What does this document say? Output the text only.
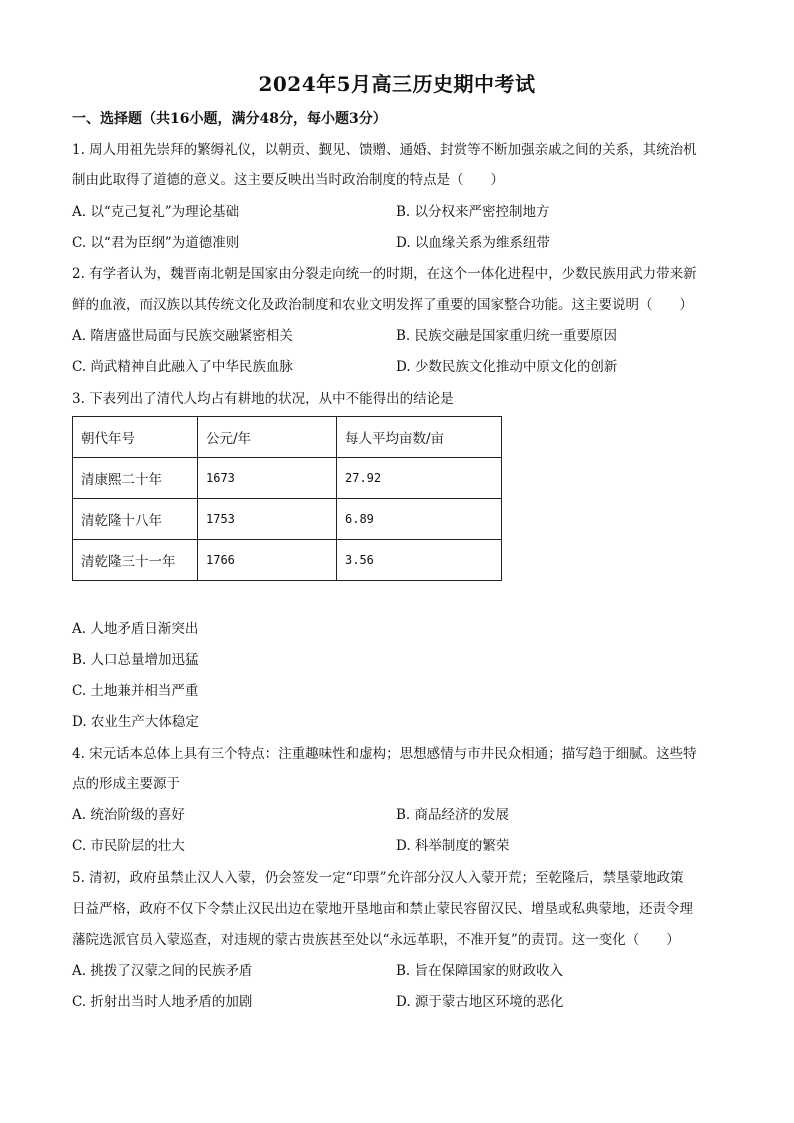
2024年5月高三历史期中考试
一、选择题（共16小题，满分48分，每小题3分）
1. 周人用祖先崇拜的繁缛礼仪，以朝贡、觐见、馈赠、通婚、封赏等不断加强亲戚之间的关系，其统治机
制由此取得了道德的意义。这主要反映出当时政治制度的特点是（　　）
A. 以“克己复礼”为理论基础	B. 以分权来严密控制地方
C. 以“君为臣纲”为道德准则	D. 以血缘关系为维系纽带
2. 有学者认为，魏晋南北朝是国家由分裂走向统一的时期，在这个一体化进程中，少数民族用武力带来新
鲜的血液，而汉族以其传统文化及政治制度和农业文明发挥了重要的国家整合功能。这主要说明（　　）
A. 隋唐盛世局面与民族交融紧密相关	B. 民族交融是国家重归统一重要原因
C. 尚武精神自此融入了中华民族血脉	D. 少数民族文化推动中原文化的创新
3. 下表列出了清代人均占有耕地的状况，从中不能得出的结论是
朝代年号	公元/年	每人平均亩数/亩
清康熙二十年	1673	27.92
清乾隆十八年	1753	6.89
清乾隆三十一年	1766	3.56
A. 人地矛盾日渐突出
B. 人口总量增加迅猛
C. 土地兼并相当严重
D. 农业生产大体稳定
4. 宋元话本总体上具有三个特点：注重趣味性和虚构；思想感情与市井民众相通；描写趋于细腻。这些特
点的形成主要源于
A. 统治阶级的喜好	B. 商品经济的发展
C. 市民阶层的壮大	D. 科举制度的繁荣
5. 清初，政府虽禁止汉人入蒙，仍会签发一定“印票”允许部分汉人入蒙开荒；至乾隆后，禁垦蒙地政策
日益严格，政府不仅下令禁止汉民出边在蒙地开垦地亩和禁止蒙民容留汉民、增垦或私典蒙地，还责令理
藩院选派官员入蒙巡查，对违规的蒙古贵族甚至处以“永远革职，不准开复”的责罚。这一变化（　　）
A. 挑拨了汉蒙之间的民族矛盾	B. 旨在保障国家的财政收入
C. 折射出当时人地矛盾的加剧	D. 源于蒙古地区环境的恶化
